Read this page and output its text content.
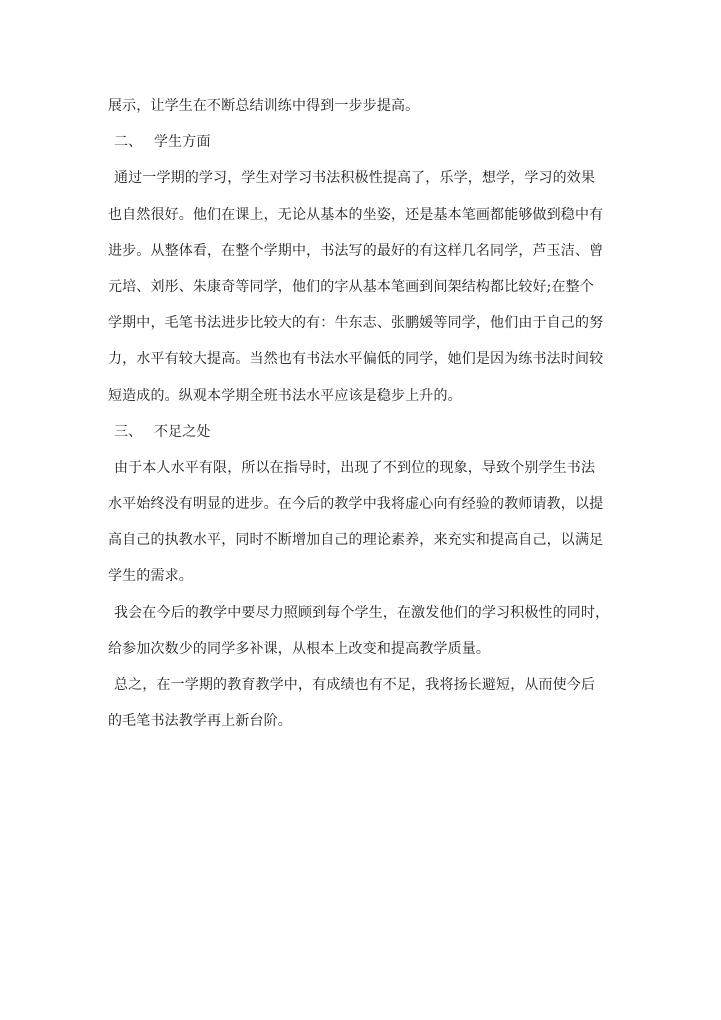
展示，让学生在不断总结训练中得到一步步提高。
二、 学生方面
通过一学期的学习，学生对学习书法积极性提高了，乐学，想学，学习的效果
也自然很好。他们在课上，无论从基本的坐姿，还是基本笔画都能够做到稳中有
进步。从整体看，在整个学期中，书法写的最好的有这样几名同学，芦玉洁、曾
元培、刘彤、朱康奇等同学，他们的字从基本笔画到间架结构都比较好;在整个
学期中，毛笔书法进步比较大的有：牛东志、张鹏媛等同学，他们由于自己的努
力，水平有较大提高。当然也有书法水平偏低的同学，她们是因为练书法时间较
短造成的。纵观本学期全班书法水平应该是稳步上升的。
三、 不足之处
由于本人水平有限，所以在指导时，出现了不到位的现象，导致个别学生书法
水平始终没有明显的进步。在今后的教学中我将虚心向有经验的教师请教，以提
高自己的执教水平，同时不断增加自己的理论素养，来充实和提高自己，以满足
学生的需求。
我会在今后的教学中要尽力照顾到每个学生，在激发他们的学习积极性的同时，
给参加次数少的同学多补课，从根本上改变和提高教学质量。
总之，在一学期的教育教学中，有成绩也有不足，我将扬长避短，从而使今后
的毛笔书法教学再上新台阶。
